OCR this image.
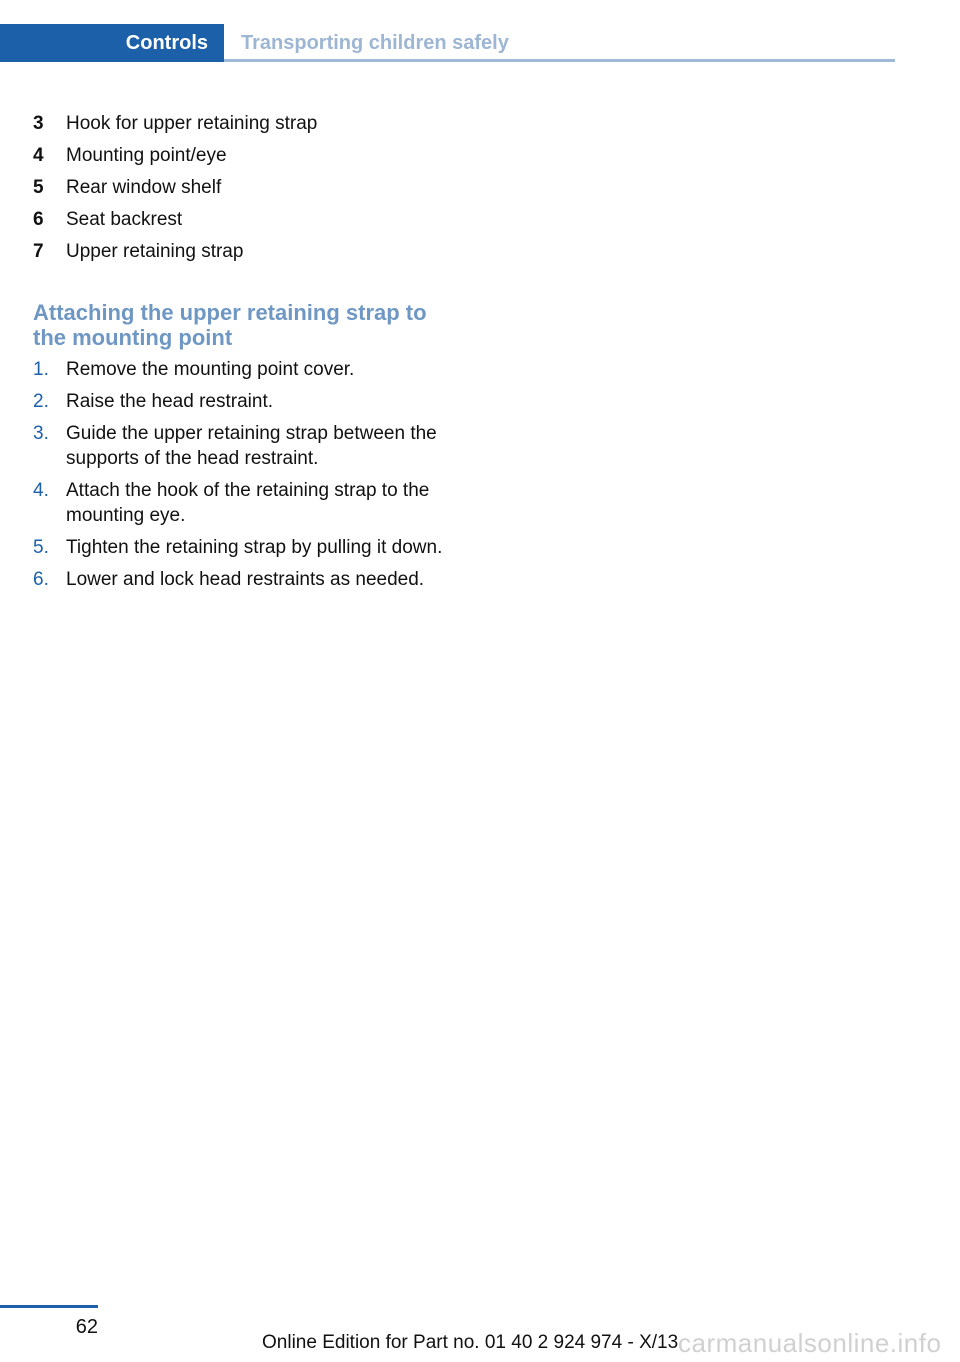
Controls	Transporting children safely
3 Hook for upper retaining strap
4 Mounting point/eye
5 Rear window shelf
6 Seat backrest
7 Upper retaining strap
Attaching the upper retaining strap to the mounting point
1. Remove the mounting point cover.
2. Raise the head restraint.
3. Guide the upper retaining strap between the supports of the head restraint.
4. Attach the hook of the retaining strap to the mounting eye.
5. Tighten the retaining strap by pulling it down.
6. Lower and lock head restraints as needed.
62
Online Edition for Part no. 01 40 2 924 974 - X/13 carmanualsonline.info
